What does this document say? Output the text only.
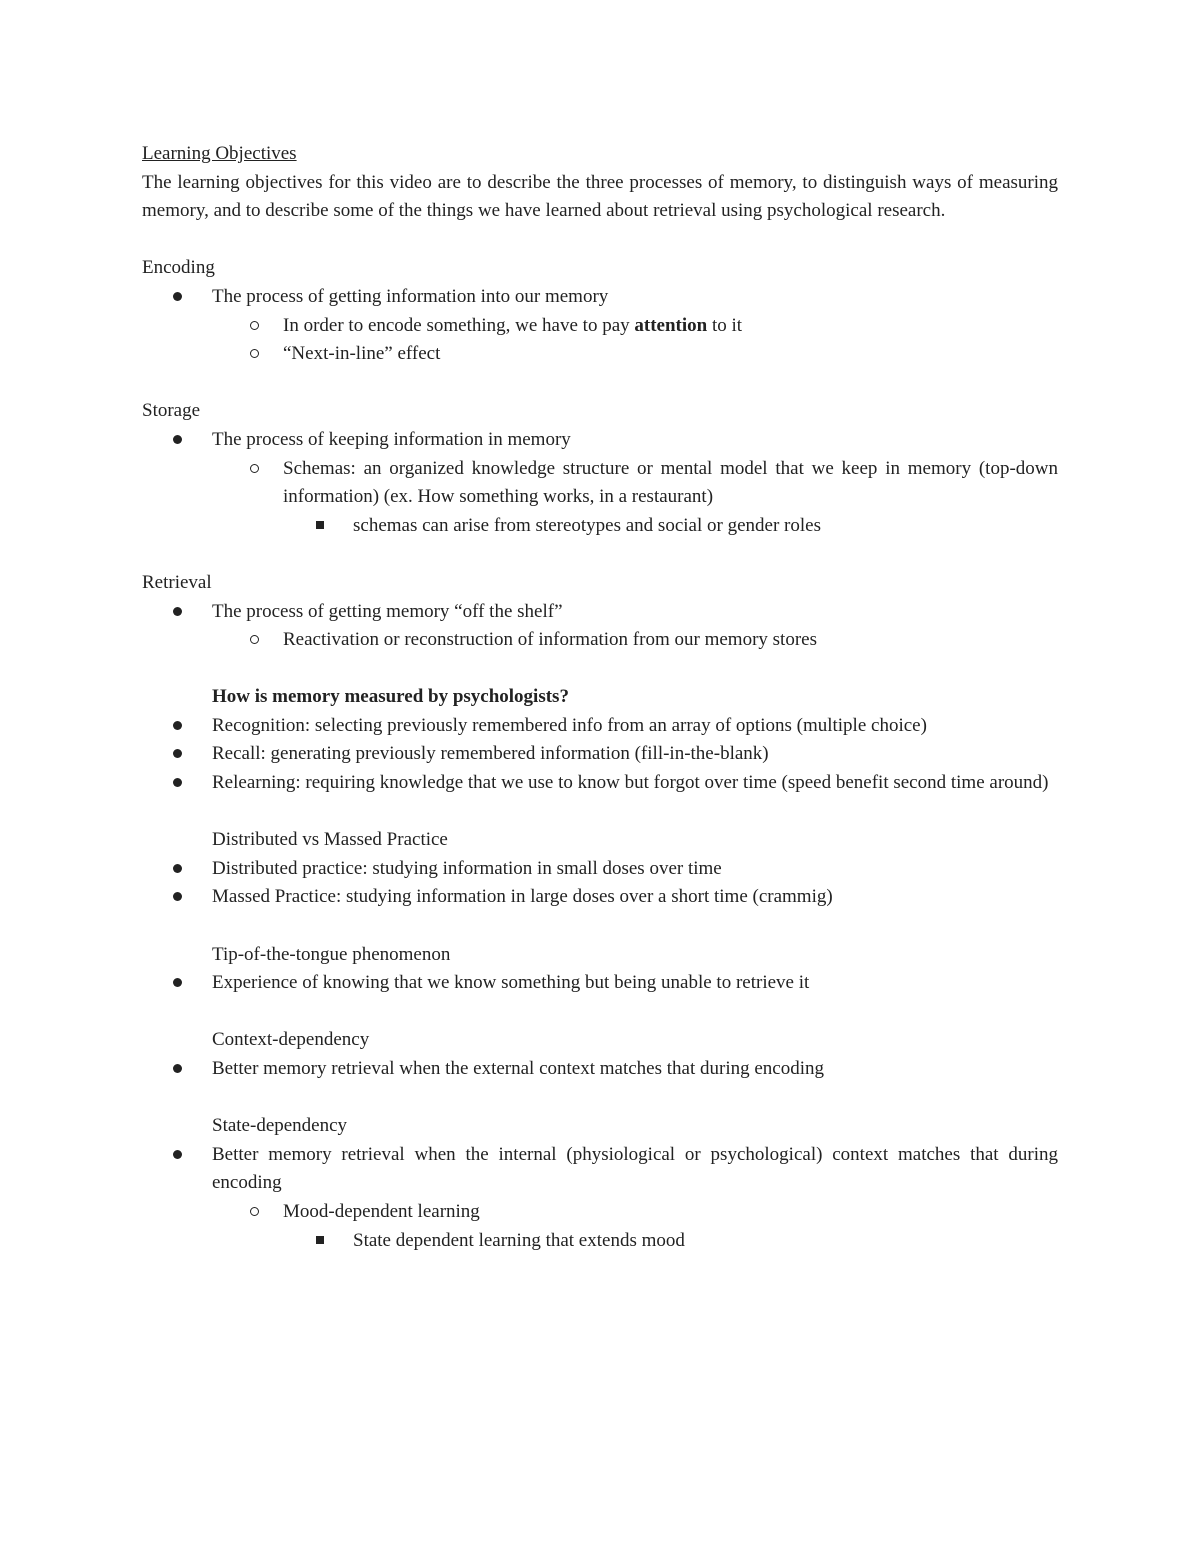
Learning Objectives
The learning objectives for this video are to describe the three processes of memory, to distinguish ways of measuring memory, and to describe some of the things we have learned about retrieval using psychological research.
Encoding
The process of getting information into our memory
In order to encode something, we have to pay attention to it
“Next-in-line” effect
Storage
The process of keeping information in memory
Schemas: an organized knowledge structure or mental model that we keep in memory (top-down information) (ex. How something works, in a restaurant)
schemas can arise from stereotypes and social or gender roles
Retrieval
The process of getting memory “off the shelf”
Reactivation or reconstruction of information from our memory stores
How is memory measured by psychologists?
Recognition: selecting previously remembered info from an array of options (multiple choice)
Recall: generating previously remembered information (fill-in-the-blank)
Relearning: requiring knowledge that we use to know but forgot over time (speed benefit second time around)
Distributed vs Massed Practice
Distributed practice: studying information in small doses over time
Massed Practice: studying information in large doses over a short time (crammig)
Tip-of-the-tongue phenomenon
Experience of knowing that we know something but being unable to retrieve it
Context-dependency
Better memory retrieval when the external context matches that during encoding
State-dependency
Better memory retrieval when the internal (physiological or psychological) context matches that during encoding
Mood-dependent learning
State dependent learning that extends mood
